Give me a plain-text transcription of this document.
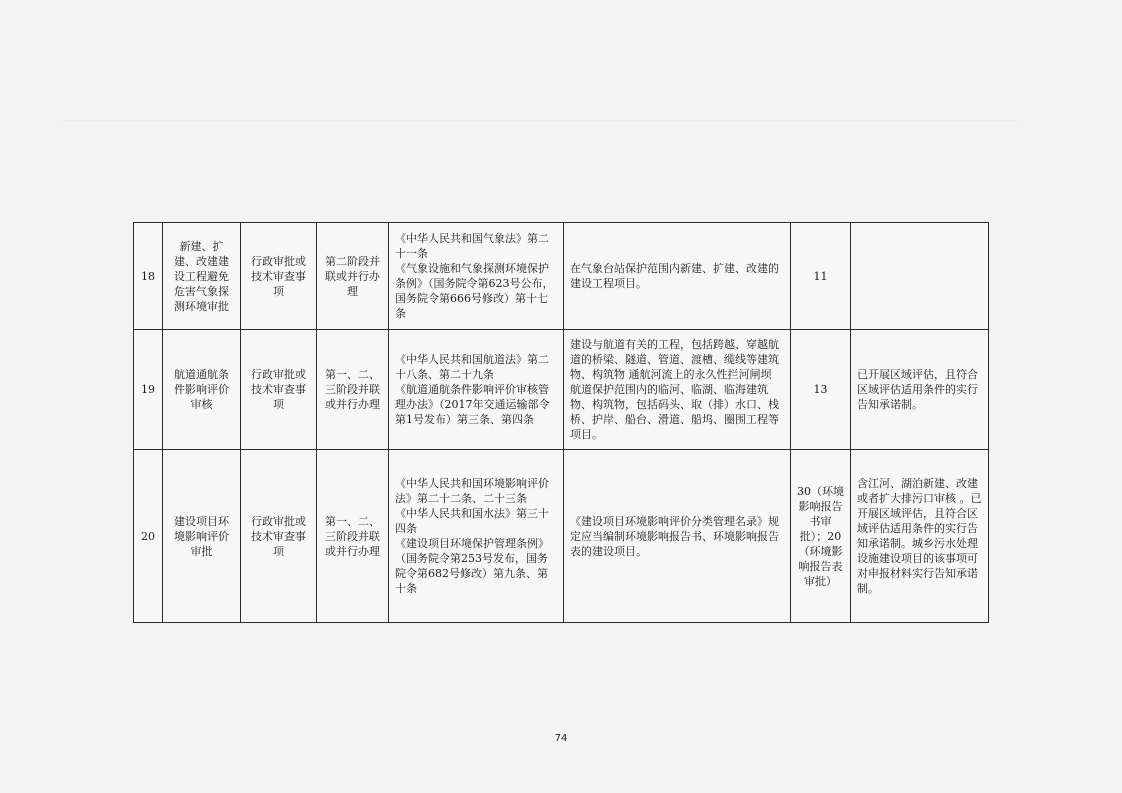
18	新建、扩建、改建建设工程避免危害气象探测环境审批	行政审批或技术审查事项	第二阶段并联或并行办理	《中华人民共和国气象法》第二十一条
《气象设施和气象探测环境保护条例》（国务院令第623号公布，国务院令第666号修改）第十七条	在气象台站保护范围内新建、扩建、改建的建设工程项目。	11	
19	航道通航条件影响评价审核	行政审批或技术审查事项	第一、二、三阶段并联或并行办理	《中华人民共和国航道法》第二十八条、第二十九条
《航道通航条件影响评价审核管理办法》（2017年交通运输部令第1号发布）第三条、第四条	建设与航道有关的工程，包括跨越、穿越航道的桥梁、隧道、管道、渡槽、缆线等建筑物、构筑物 通航河流上的永久性拦河闸坝 航道保护范围内的临河、临湖、临海建筑物、构筑物，包括码头、取（排）水口、栈桥、护岸、船台、滑道、船坞、圈围工程等项目。	13	已开展区域评估，且符合区域评估适用条件的实行告知承诺制。
20	建设项目环境影响评价审批	行政审批或技术审查事项	第一、二、三阶段并联或并行办理	《中华人民共和国环境影响评价法》第二十二条、二十三条
《中华人民共和国水法》第三十四条
《建设项目环境保护管理条例》（国务院令第253号发布，国务院令第682号修改）第九条、第十条	《建设项目环境影响评价分类管理名录》规定应当编制环境影响报告书、环境影响报告表的建设项目。	30（环境影响报告书审批）；20（环境影响报告表审批）	含江河、湖泊新建、改建或者扩大排污口审核 。已开展区域评估，且符合区域评估适用条件的实行告知承诺制。城乡污水处理设施建设项目的该事项可对申报材料实行告知承诺制。
74
